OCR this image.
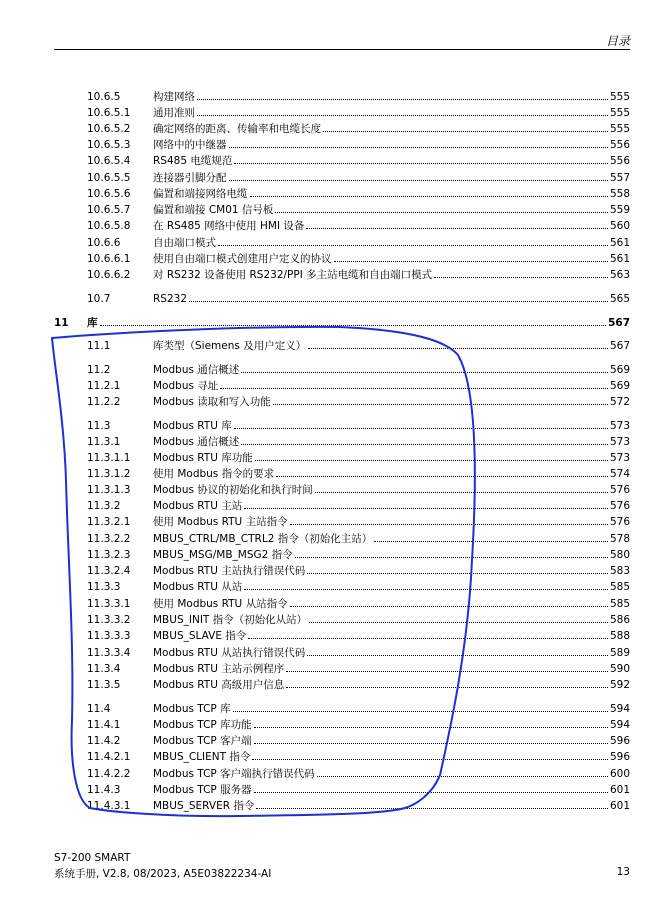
目录
10.6.5	构建网络	555
10.6.5.1 通用准则	555
10.6.5.2 确定网络的距离、传输率和电缆长度	555
10.6.5.3 网络中的中继器	556
10.6.5.4 RS485 电缆规范	556
10.6.5.5 连接器引脚分配	557
10.6.5.6 偏置和端接网络电缆	558
10.6.5.7 偏置和端接 CM01 信号板	559
10.6.5.8 在 RS485 网络中使用 HMI 设备	560
10.6.6	自由端口模式	561
10.6.6.1 使用自由端口模式创建用户定义的协议	561
10.6.6.2 对 RS232 设备使用 RS232/PPI 多主站电缆和自由端口模式	563
10.7	RS232	565
11 库	567
11.1	库类型（Siemens 及用户定义）	567
11.2	Modbus 通信概述	569
11.2.1	Modbus 寻址	569
11.2.2	Modbus 读取和写入功能	572
11.3	Modbus RTU 库	573
11.3.1	Modbus 通信概述	573
11.3.1.1 Modbus RTU 库功能	573
11.3.1.2 使用 Modbus 指令的要求	574
11.3.1.3 Modbus 协议的初始化和执行时间	576
11.3.2	Modbus RTU 主站	576
11.3.2.1 使用 Modbus RTU 主站指令	576
11.3.2.2 MBUS_CTRL/MB_CTRL2 指令（初始化主站）	578
11.3.2.3 MBUS_MSG/MB_MSG2 指令	580
11.3.2.4 Modbus RTU 主站执行错误代码	583
11.3.3	Modbus RTU 从站	585
11.3.3.1 使用 Modbus RTU 从站指令	585
11.3.3.2 MBUS_INIT 指令（初始化从站）	586
11.3.3.3 MBUS_SLAVE 指令	588
11.3.3.4 Modbus RTU 从站执行错误代码	589
11.3.4	Modbus RTU 主站示例程序	590
11.3.5	Modbus RTU 高级用户信息	592
11.4	Modbus TCP 库	594
11.4.1	Modbus TCP 库功能	594
11.4.2	Modbus TCP 客户端	596
11.4.2.1 MBUS_CLIENT 指令	596
11.4.2.2 Modbus TCP 客户端执行错误代码	600
11.4.3	Modbus TCP 服务器	601
11.4.3.1 MBUS_SERVER 指令	601
S7-200 SMART
系统手册, V2.8, 08/2023, A5E03822234-AI	13
